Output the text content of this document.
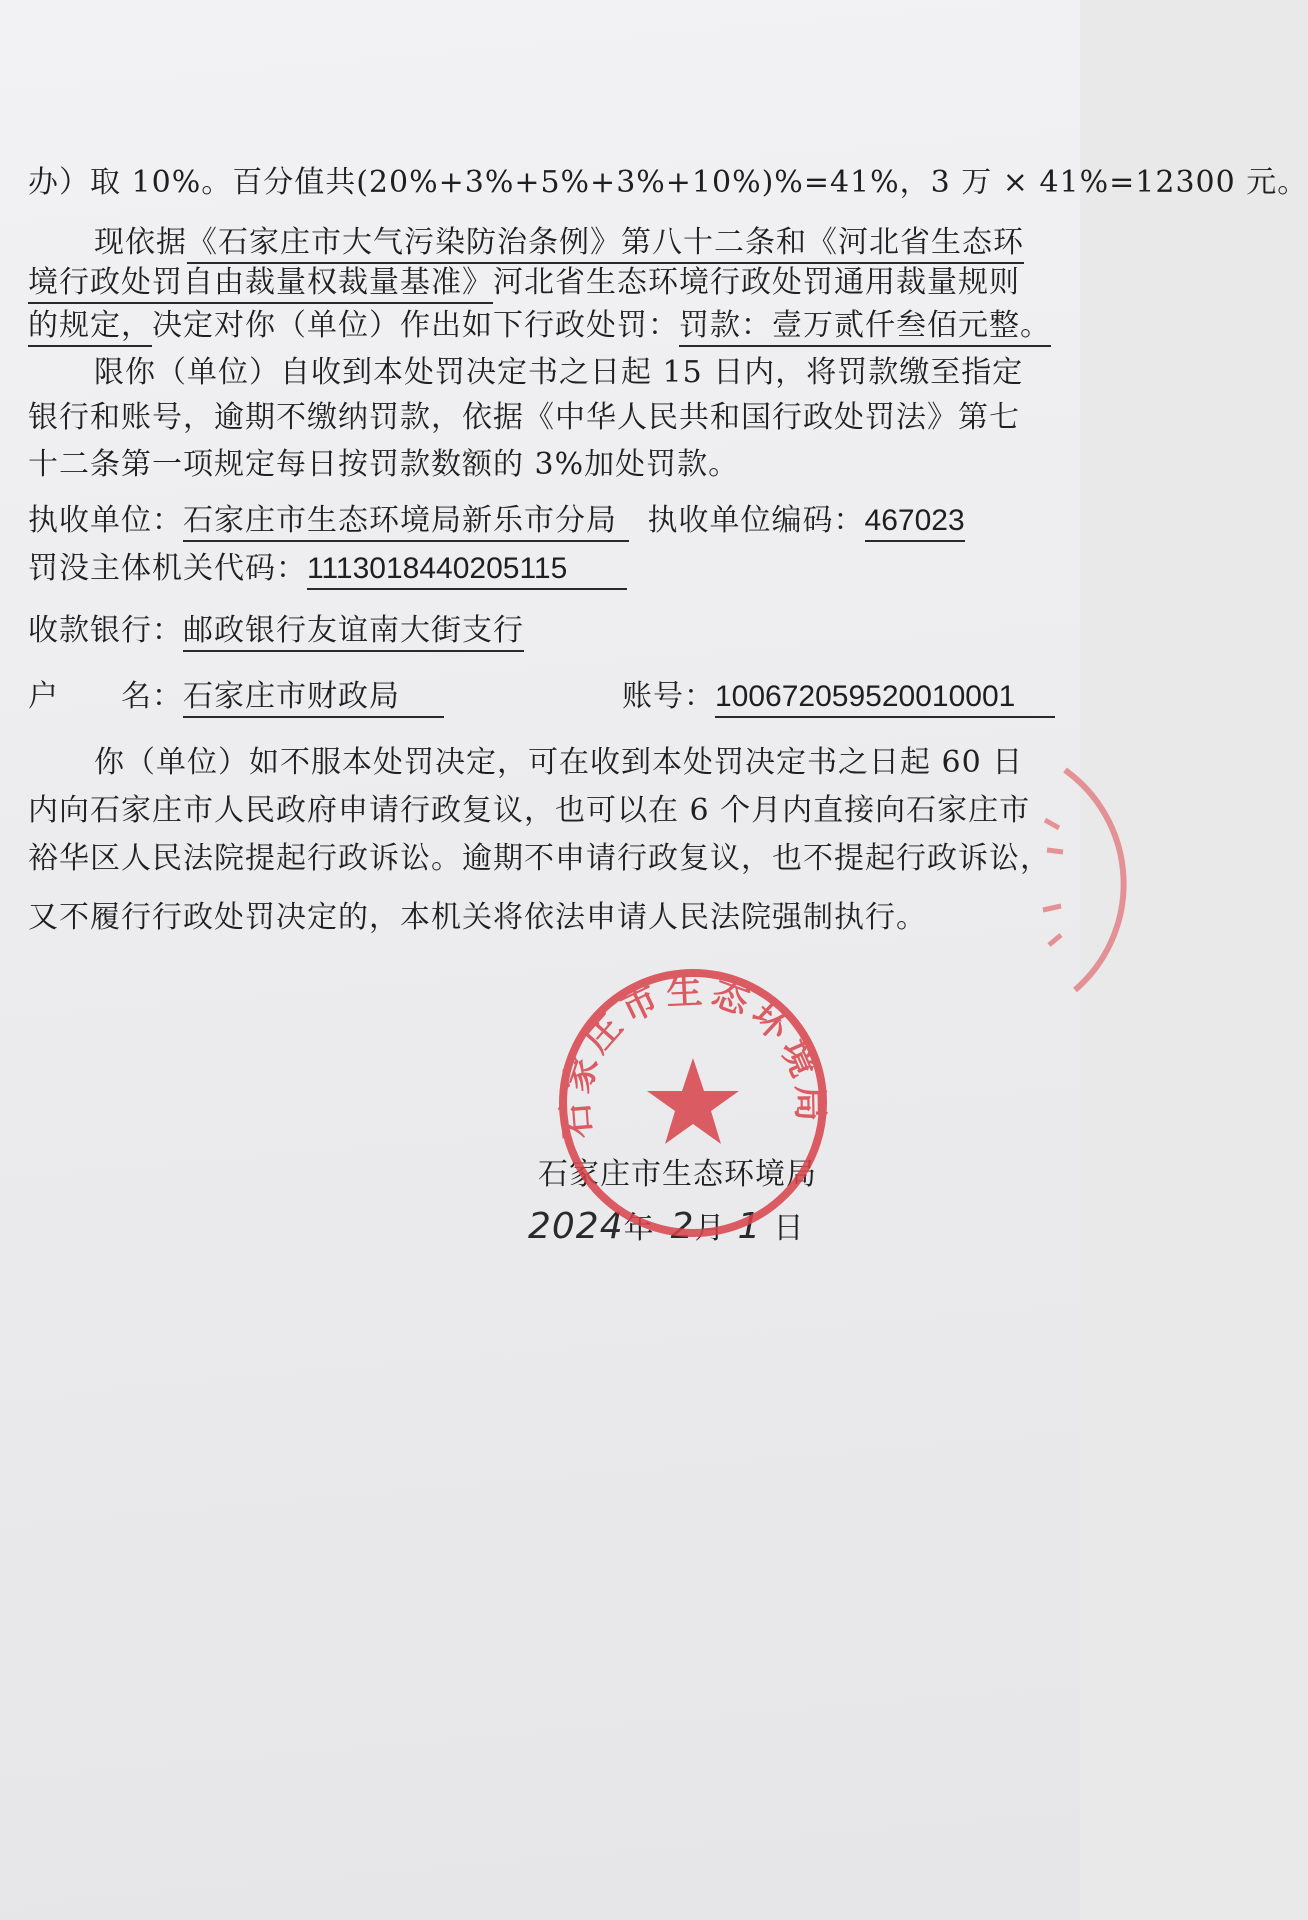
办）取 10%。百分值共(20%+3%+5%+3%+10%)%=41%，3 万 × 41%=12300 元。
现依据《石家庄市大气污染防治条例》第八十二条和《河北省生态环
境行政处罚自由裁量权裁量基准》河北省生态环境行政处罚通用裁量规则
的规定，决定对你（单位）作出如下行政处罚：罚款：壹万贰仟叁佰元整。
限你（单位）自收到本处罚决定书之日起 15 日内，将罚款缴至指定
银行和账号，逾期不缴纳罚款，依据《中华人民共和国行政处罚法》第七
十二条第一项规定每日按罚款数额的 3%加处罚款。
执收单位：石家庄市生态环境局新乐市分局 执收单位编码：467023
罚没主体机关代码：1113018440205115
收款银行：邮政银行友谊南大街支行
户　　名：石家庄市财政局	账号：100672059520010001
你（单位）如不服本处罚决定，可在收到本处罚决定书之日起 60 日
内向石家庄市人民政府申请行政复议，也可以在 6 个月内直接向石家庄市
裕华区人民法院提起行政诉讼。逾期不申请行政复议，也不提起行政诉讼，
又不履行行政处罚决定的，本机关将依法申请人民法院强制执行。
石家庄市生态环境局
2024年 2月 1 日
石家庄市生态环境局
